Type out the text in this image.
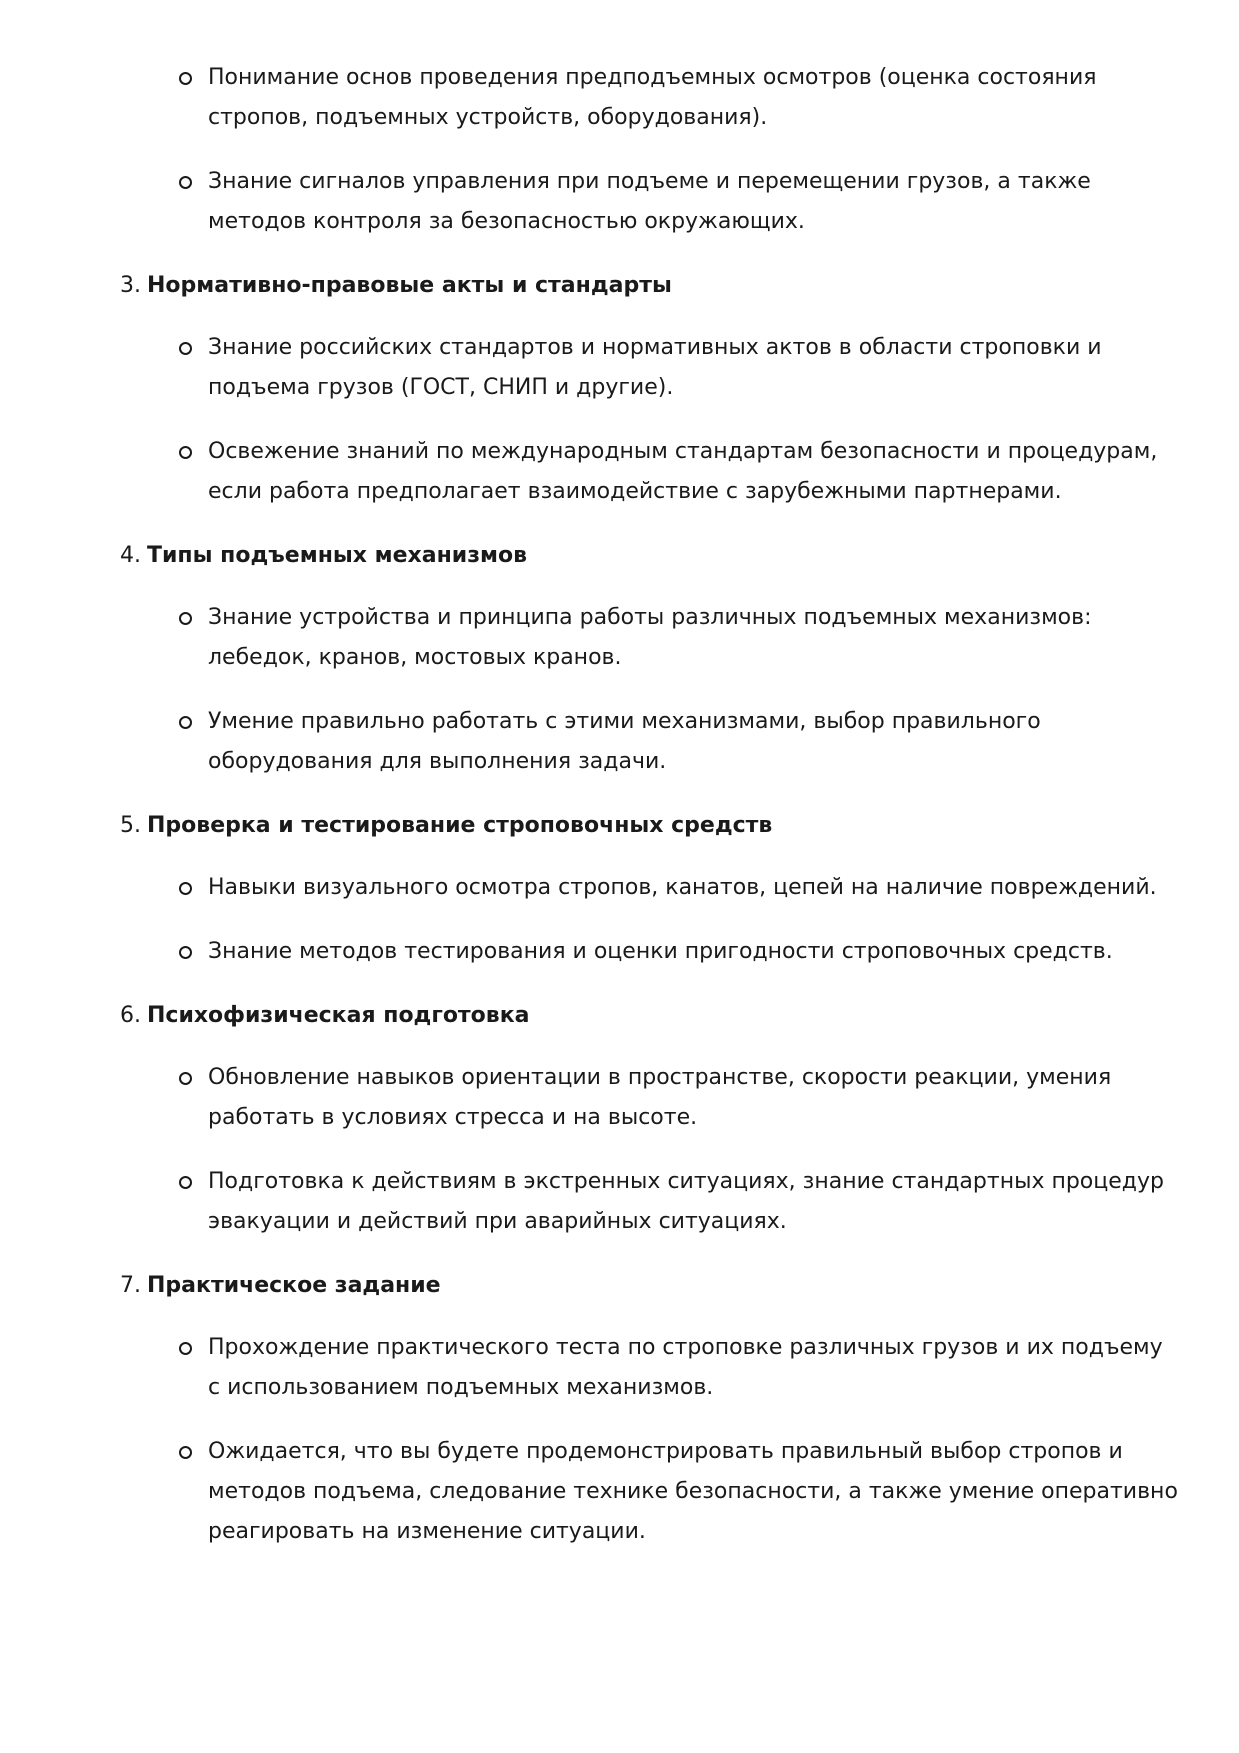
Понимание основ проведения предподъемных осмотров (оценка состояния стропов, подъемных устройств, оборудования).
Знание сигналов управления при подъеме и перемещении грузов, а также методов контроля за безопасностью окружающих.
3. Нормативно-правовые акты и стандарты
Знание российских стандартов и нормативных актов в области строповки и подъема грузов (ГОСТ, СНИП и другие).
Освежение знаний по международным стандартам безопасности и процедурам, если работа предполагает взаимодействие с зарубежными партнерами.
4. Типы подъемных механизмов
Знание устройства и принципа работы различных подъемных механизмов: лебедок, кранов, мостовых кранов.
Умение правильно работать с этими механизмами, выбор правильного оборудования для выполнения задачи.
5. Проверка и тестирование строповочных средств
Навыки визуального осмотра стропов, канатов, цепей на наличие повреждений.
Знание методов тестирования и оценки пригодности строповочных средств.
6. Психофизическая подготовка
Обновление навыков ориентации в пространстве, скорости реакции, умения работать в условиях стресса и на высоте.
Подготовка к действиям в экстренных ситуациях, знание стандартных процедур эвакуации и действий при аварийных ситуациях.
7. Практическое задание
Прохождение практического теста по строповке различных грузов и их подъему с использованием подъемных механизмов.
Ожидается, что вы будете продемонстрировать правильный выбор стропов и методов подъема, следование технике безопасности, а также умение оперативно реагировать на изменение ситуации.
